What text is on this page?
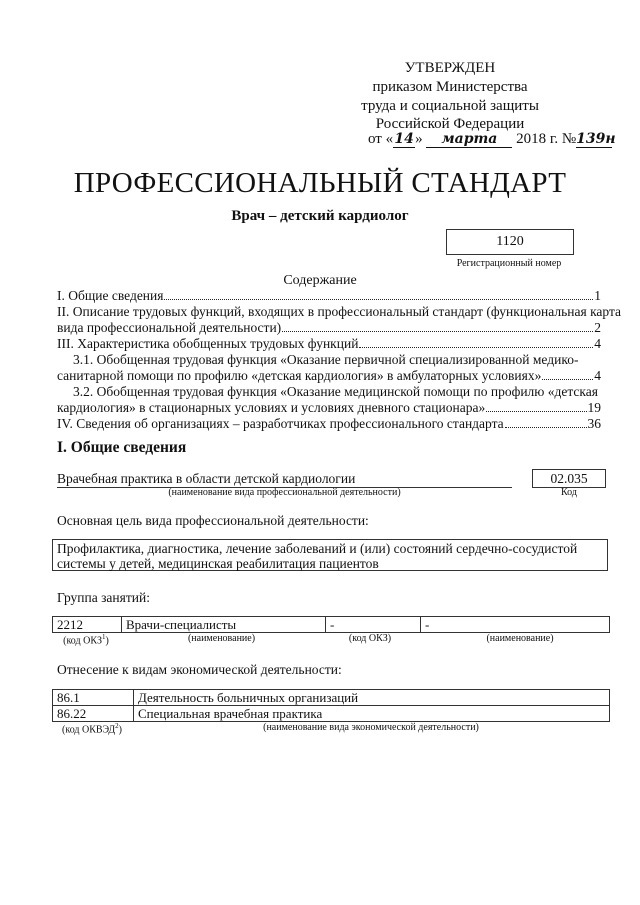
УТВЕРЖДЕН
приказом Министерства
труда и социальной защиты
Российской Федерации
от «14» марта 2018 г. №139н
ПРОФЕССИОНАЛЬНЫЙ СТАНДАРТ
Врач – детский кардиолог
1120
Регистрационный номер
Содержание
I. Общие сведения	1
II. Описание трудовых функций, входящих в профессиональный стандарт (функциональная карта
вида профессиональной деятельности)	2
III. Характеристика обобщенных трудовых функций	4
3.1. Обобщенная трудовая функция «Оказание первичной специализированной медико-
санитарной помощи по профилю «детская кардиология» в амбулаторных условиях»	4
3.2. Обобщенная трудовая функция «Оказание медицинской помощи по профилю «детская
кардиология» в стационарных условиях и условиях дневного стационара»	19
IV. Сведения об организациях – разработчиках профессионального стандарта	36
I. Общие сведения
Врачебная практика в области детской кардиологии
(наименование вида профессиональной деятельности)
02.035
Код
Основная цель вида профессиональной деятельности:
Профилактика, диагностика, лечение заболеваний и (или) состояний сердечно-сосудистой
системы у детей, медицинская реабилитация пациентов
Группа занятий:
2212	Врачи-специалисты	-	-
(код ОКЗ$^1$)	(наименование)	(код ОКЗ)	(наименование)
Отнесение к видам экономической деятельности:
86.1	Деятельность больничных организаций
86.22	Специальная врачебная практика
(код ОКВЭД$^2$)	(наименование вида экономической деятельности)
